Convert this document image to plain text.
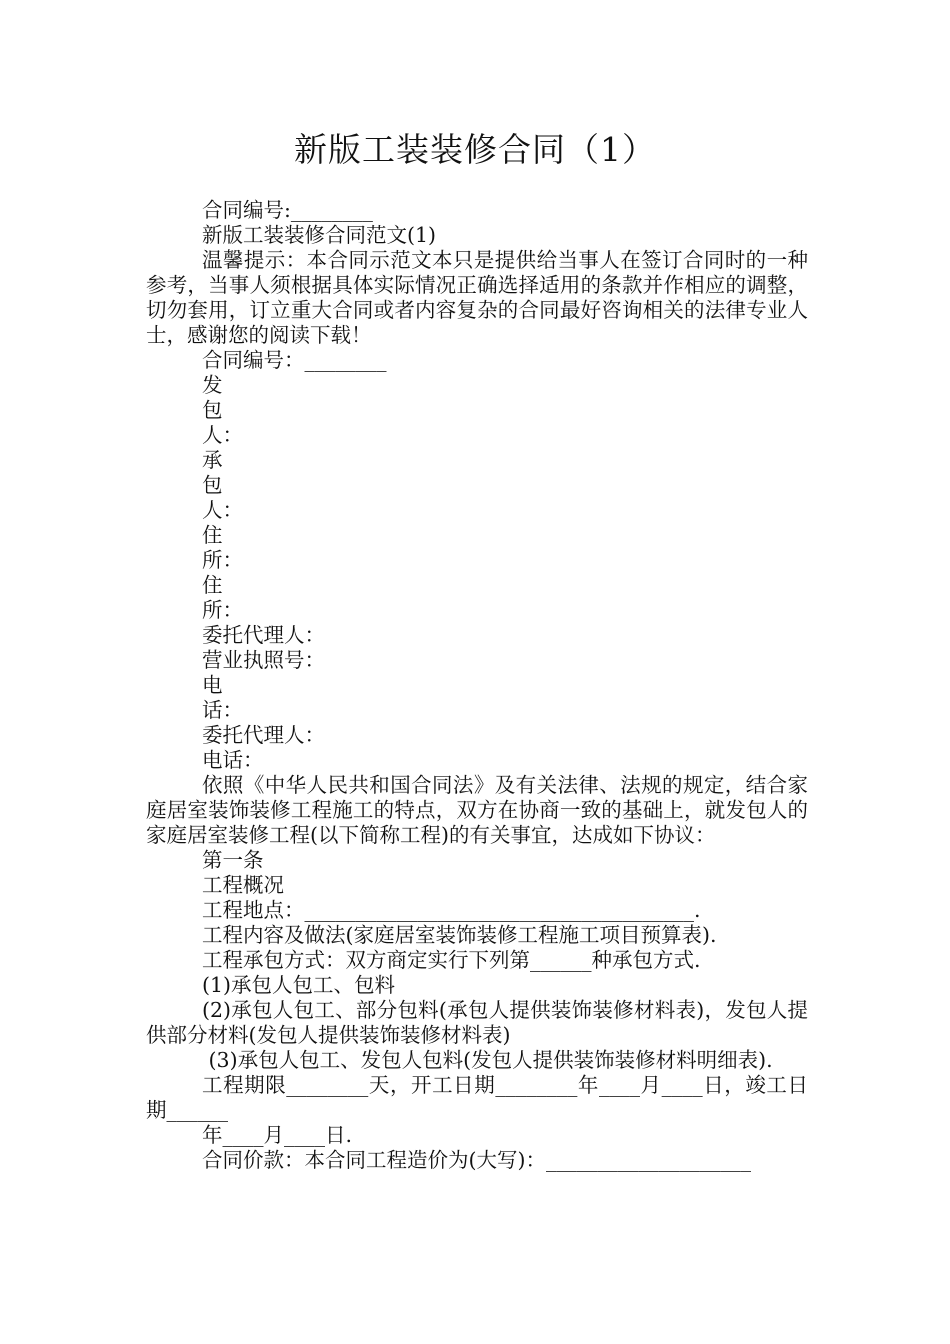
新版工装装修合同（1）

合同编号:________

新版工装装修合同范文(1)

温馨提示：本合同示范文本只是提供给当事人在签订合同时的一种参考，当事人须根据具体实际情况正确选择适用的条款并作相应的调整，切勿套用，订立重大合同或者内容复杂的合同最好咨询相关的法律专业人士，感谢您的阅读下载！

合同编号：________

发

包

人：

承

包

人：

住

所：

住

所：

委托代理人：

营业执照号：

电

话：

委托代理人：

电话：

依照《中华人民共和国合同法》及有关法律、法规的规定，结合家庭居室装饰装修工程施工的特点，双方在协商一致的基础上，就发包人的家庭居室装修工程(以下简称工程)的有关事宜，达成如下协议：

第一条

工程概况

工程地点：______________________________________.

工程内容及做法(家庭居室装饰装修工程施工项目预算表).

工程承包方式：双方商定实行下列第______种承包方式.

(1)承包人包工、包料

(2)承包人包工、部分包料(承包人提供装饰装修材料表)，发包人提供部分材料(发包人提供装饰装修材料表)

(3)承包人包工、发包人包料(发包人提供装饰装修材料明细表).

工程期限________天，开工日期________年____月____日，竣工日期______

年____月____日.

合同价款：本合同工程造价为(大写)：____________________
